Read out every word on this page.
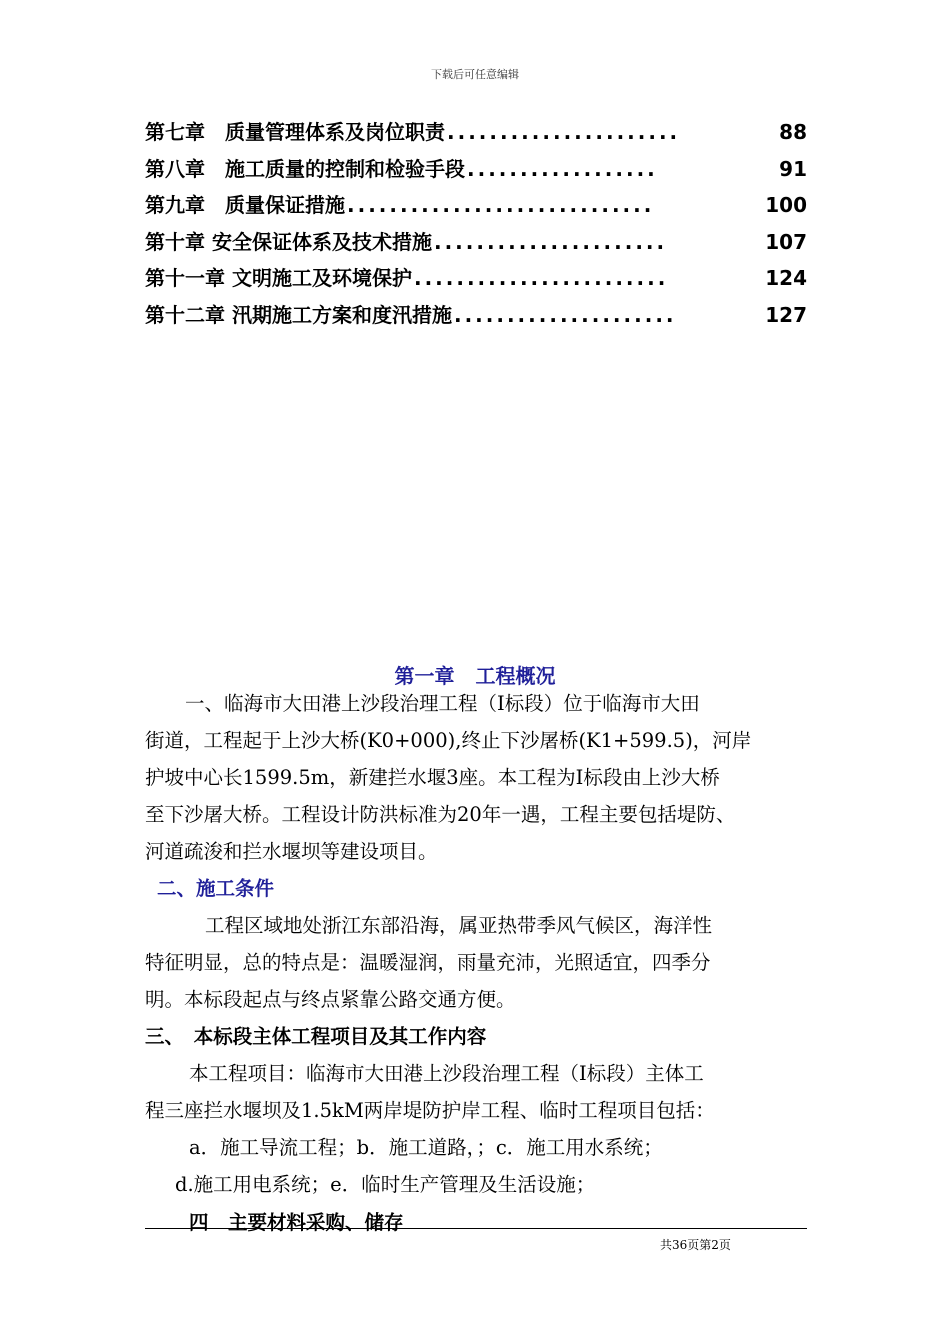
下载后可任意编辑
第七章　质量管理体系及岗位职责 ......................	88
第八章　施工质量的控制和检验手段 ..................	91
第九章　质量保证措施 .............................	100
第十章 安全保证体系及技术措施 ......................	107
第十一章 文明施工及环境保护 ........................	124
第十二章 汛期施工方案和度汛措施 .....................	127
第一章 工程概况

一、临海市大田港上沙段治理工程（Ⅰ标段）位于临海市大田

街道，工程起于上沙大桥(K0+000),终止下沙屠桥(K1+599.5)，河岸

护坡中心长1599.5m，新建拦水堰3座。本工程为Ⅰ标段由上沙大桥

至下沙屠大桥。工程设计防洪标准为20年一遇，工程主要包括堤防、

河道疏浚和拦水堰坝等建设项目。

二、施工条件

工程区域地处浙江东部沿海，属亚热带季风气候区，海洋性

特征明显，总的特点是：温暖湿润，雨量充沛，光照适宜，四季分

明。本标段起点与终点紧靠公路交通方便。

三、　本标段主体工程项目及其工作内容

本工程项目：临海市大田港上沙段治理工程（Ⅰ标段）主体工

程三座拦水堰坝及1.5kM两岸堤防护岸工程、临时工程项目包括：

a．施工导流工程；b．施工道路，；c．施工用水系统；

d.施工用电系统；e．临时生产管理及生活设施；

四　主要材料采购、储存

共36页第2页
